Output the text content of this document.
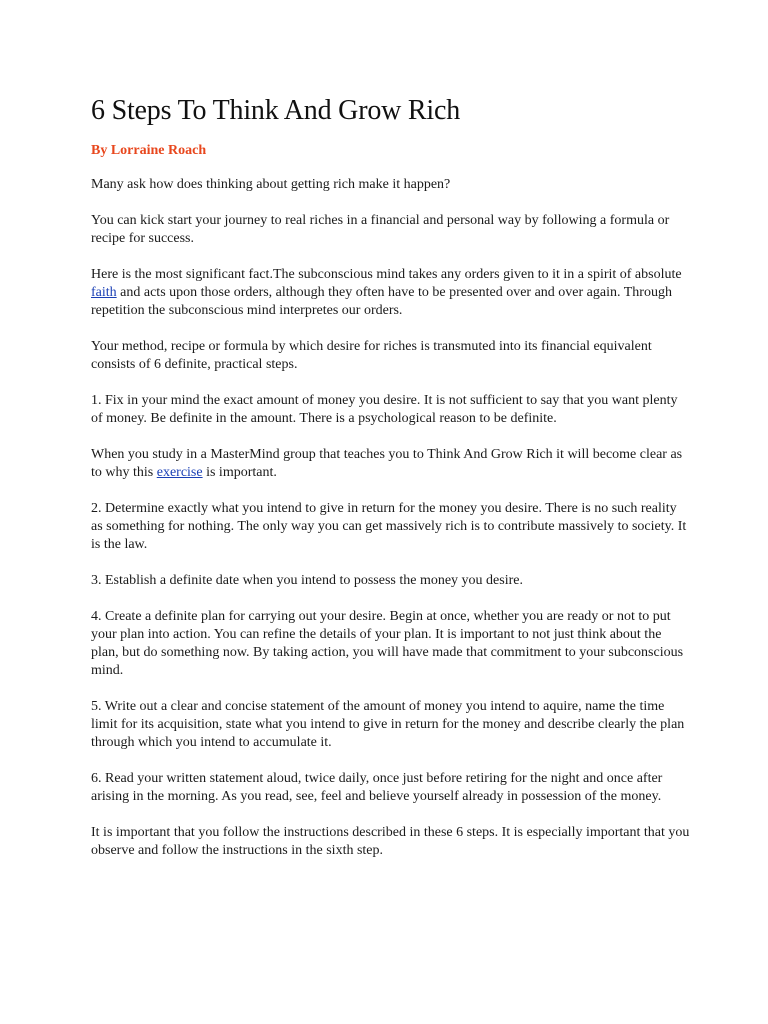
6 Steps To Think And Grow Rich

By Lorraine Roach

Many ask how does thinking about getting rich make it happen?

You can kick start your journey to real riches in a financial and personal way by following a formula or recipe for success.

Here is the most significant fact.The subconscious mind takes any orders given to it in a spirit of absolute faith and acts upon those orders, although they often have to be presented over and over again. Through repetition the subconscious mind interpretes our orders.

Your method, recipe or formula by which desire for riches is transmuted into its financial equivalent consists of 6 definite, practical steps.

1. Fix in your mind the exact amount of money you desire. It is not sufficient to say that you want plenty of money. Be definite in the amount. There is a psychological reason to be definite.

When you study in a MasterMind group that teaches you to Think And Grow Rich it will become clear as to why this exercise is important.

2. Determine exactly what you intend to give in return for the money you desire. There is no such reality as something for nothing. The only way you can get massively rich is to contribute massively to society. It is the law.

3. Establish a definite date when you intend to possess the money you desire.

4. Create a definite plan for carrying out your desire. Begin at once, whether you are ready or not to put your plan into action. You can refine the details of your plan. It is important to not just think about the plan, but do something now. By taking action, you will have made that commitment to your subconscious mind.

5. Write out a clear and concise statement of the amount of money you intend to aquire, name the time limit for its acquisition, state what you intend to give in return for the money and describe clearly the plan through which you intend to accumulate it.

6. Read your written statement aloud, twice daily, once just before retiring for the night and once after arising in the morning. As you read, see, feel and believe yourself already in possession of the money.

It is important that you follow the instructions described in these 6 steps. It is especially important that you observe and follow the instructions in the sixth step.
